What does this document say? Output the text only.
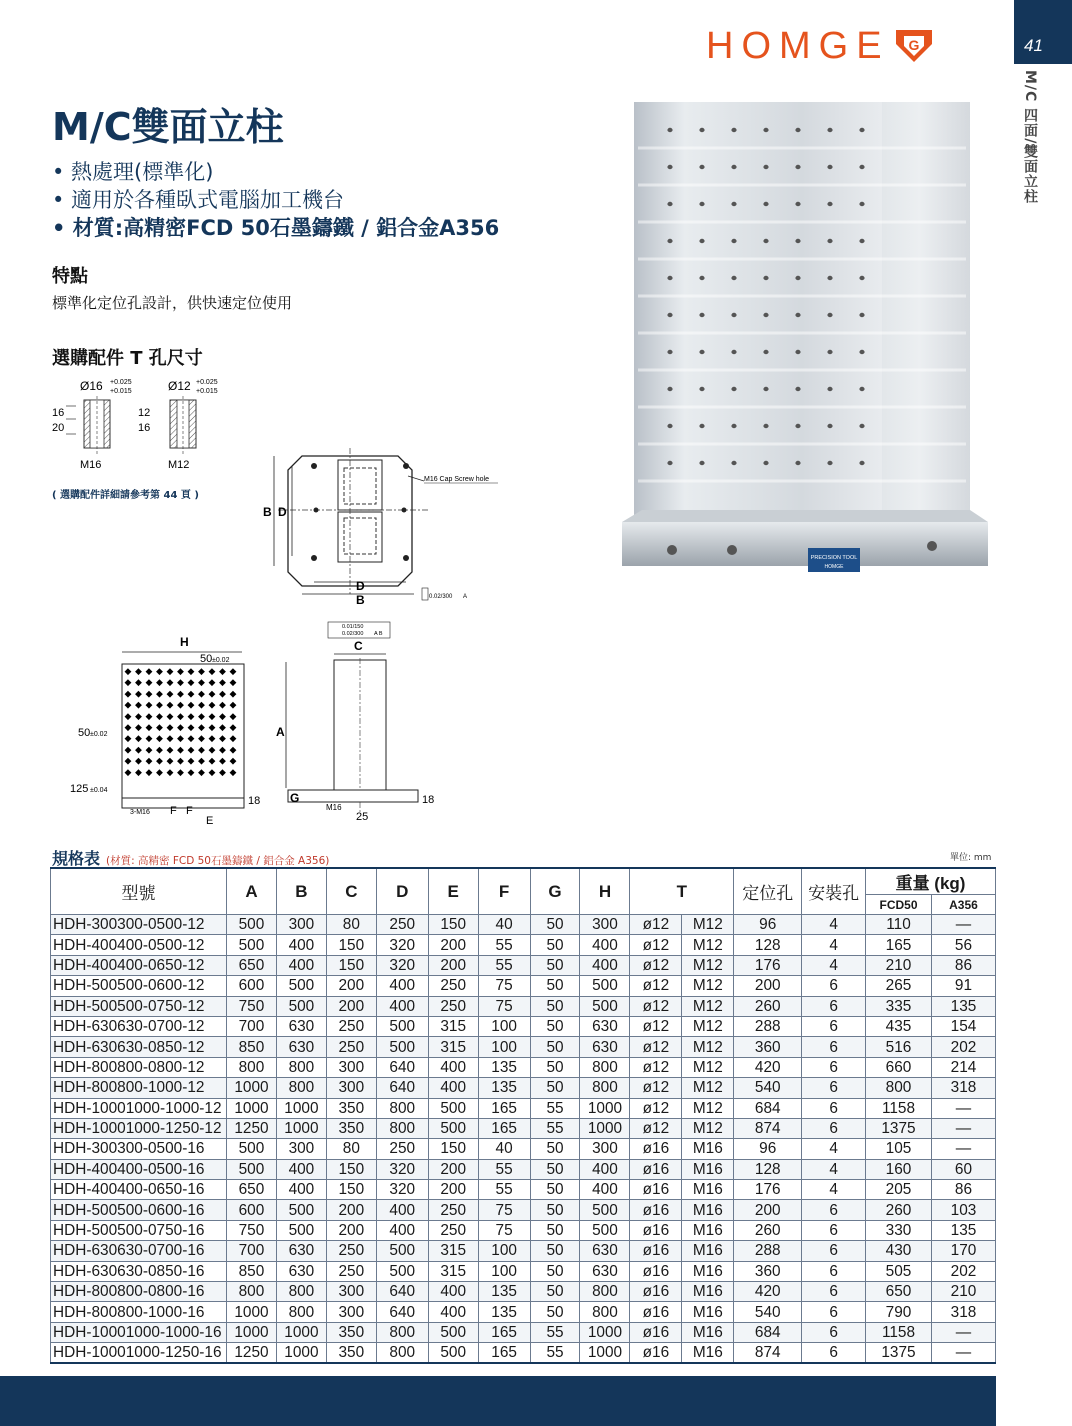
41
M/C 四面/雙面立柱
HOMGE G
M/C雙面立柱
• 熱處理(標準化)
• 適用於各種臥式電腦加工機台
• 材質:高精密FCD 50石墨鑄鐵 / 鋁合金A356
特點
標準化定位孔設計，供快速定位使用
選購配件 T 孔尺寸
Ø16 +0.025
+0.015
16
20
M16
Ø12 +0.025
+0.015
12
16
M12
( 選購配件詳細請參考第 44 頁 )
B D
D
B
M16 Cap Screw hole
0.02/300 A
H
◆ ◆ ◆ ◆ ◆ ◆ ◆ ◆ ◆ ◆ ◆
◆ ◆ ◆ ◆ ◆ ◆ ◆ ◆ ◆ ◆ ◆
◆ ◆ ◆ ◆ ◆ ◆ ◆ ◆ ◆ ◆ ◆
◆ ◆ ◆ ◆ ◆ ◆ ◆ ◆ ◆ ◆ ◆
◆ ◆ ◆ ◆ ◆ ◆ ◆ ◆ ◆ ◆ ◆
◆ ◆ ◆ ◆ ◆ ◆ ◆ ◆ ◆ ◆ ◆
◆ ◆ ◆ ◆ ◆ ◆ ◆ ◆ ◆ ◆ ◆
◆ ◆ ◆ ◆ ◆ ◆ ◆ ◆ ◆ ◆ ◆
◆ ◆ ◆ ◆ ◆ ◆ ◆ ◆ ◆ ◆ ◆
◆ ◆ ◆ ◆ ◆ ◆ ◆ ◆ ◆ ◆ ◆
50 ±0.02
50 ±0.02
125 ±0.04
18
3-M16 F F
E
0.01/150
0.02/300 A B
C
A
G
M16
25
18
PRECISION TOOL
HOMGE
規格表 (材質: 高精密 FCD 50石墨鑄鐵 / 鋁合金 A356)	單位: mm
型號	A	B	C	D	E	F	G	H	T		定位孔	安裝孔	重量 (kg)	
													FCD50	A356
HDH-300300-0500-12	500	300	80	250	150	40	50	300	ø12	M12	96	4	110	—
HDH-400400-0500-12	500	400	150	320	200	55	50	400	ø12	M12	128	4	165	56
HDH-400400-0650-12	650	400	150	320	200	55	50	400	ø12	M12	176	4	210	86
HDH-500500-0600-12	600	500	200	400	250	75	50	500	ø12	M12	200	6	265	91
HDH-500500-0750-12	750	500	200	400	250	75	50	500	ø12	M12	260	6	335	135
HDH-630630-0700-12	700	630	250	500	315	100	50	630	ø12	M12	288	6	435	154
HDH-630630-0850-12	850	630	250	500	315	100	50	630	ø12	M12	360	6	516	202
HDH-800800-0800-12	800	800	300	640	400	135	50	800	ø12	M12	420	6	660	214
HDH-800800-1000-12	1000	800	300	640	400	135	50	800	ø12	M12	540	6	800	318
HDH-10001000-1000-12	1000	1000	350	800	500	165	55	1000	ø12	M12	684	6	1158	—
HDH-10001000-1250-12	1250	1000	350	800	500	165	55	1000	ø12	M12	874	6	1375	—
HDH-300300-0500-16	500	300	80	250	150	40	50	300	ø16	M16	96	4	105	—
HDH-400400-0500-16	500	400	150	320	200	55	50	400	ø16	M16	128	4	160	60
HDH-400400-0650-16	650	400	150	320	200	55	50	400	ø16	M16	176	4	205	86
HDH-500500-0600-16	600	500	200	400	250	75	50	500	ø16	M16	200	6	260	103
HDH-500500-0750-16	750	500	200	400	250	75	50	500	ø16	M16	260	6	330	135
HDH-630630-0700-16	700	630	250	500	315	100	50	630	ø16	M16	288	6	430	170
HDH-630630-0850-16	850	630	250	500	315	100	50	630	ø16	M16	360	6	505	202
HDH-800800-0800-16	800	800	300	640	400	135	50	800	ø16	M16	420	6	650	210
HDH-800800-1000-16	1000	800	300	640	400	135	50	800	ø16	M16	540	6	790	318
HDH-10001000-1000-16	1000	1000	350	800	500	165	55	1000	ø16	M16	684	6	1158	—
HDH-10001000-1250-16	1250	1000	350	800	500	165	55	1000	ø16	M16	874	6	1375	—
